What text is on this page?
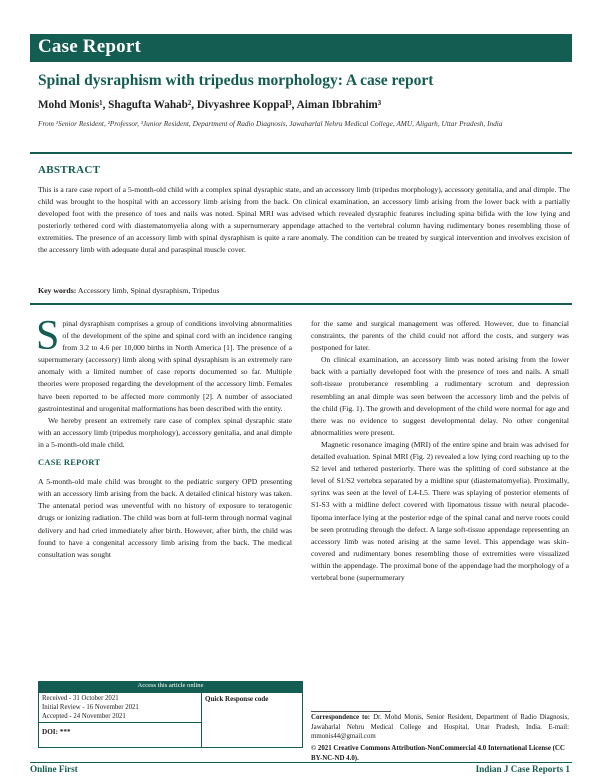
Case Report
Spinal dysraphism with tripedus morphology: A case report
Mohd Monis¹, Shagufta Wahab², Divyashree Koppal³, Aiman Ibbrahim³
From ¹Senior Resident, ²Professor, ³Junior Resident, Department of Radio Diagnosis, Jawaharlal Nehru Medical College, AMU, Aligarh, Uttar Pradesh, India
ABSTRACT
This is a rare case report of a 5-month-old child with a complex spinal dysraphic state, and an accessory limb (tripedus morphology), accessory genitalia, and anal dimple. The child was brought to the hospital with an accessory limb arising from the back. On clinical examination, an accessory limb arising from the lower back with a partially developed foot with the presence of toes and nails was noted. Spinal MRI was advised which revealed dysraphic features including spina bifida with the low lying and posteriorly tethered cord with diastematomyelia along with a supernumerary appendage attached to the vertebral column having rudimentary bones resembling those of extremities. The presence of an accessory limb with spinal dysraphism is quite a rare anomaly. The condition can be treated by surgical intervention and involves excision of the accessory limb with adequate dural and paraspinal muscle cover.
Key words: Accessory limb, Spinal dysraphism, Tripedus

Spinal dysraphism comprises a group of conditions involving abnormalities of the development of the spine and spinal cord with an incidence ranging from 3.2 to 4.6 per 10,000 births in North America [1]. The presence of a supernumerary (accessory) limb along with spinal dysraphism is an extremely rare anomaly with a limited number of case reports documented so far. Multiple theories were proposed regarding the development of the accessory limb. Females have been reported to be affected more commonly [2]. A number of associated gastrointestinal and urogenital malformations has been described with the entity.

We hereby present an extremely rare case of complex spinal dysraphic state with an accessory limb (tripedus morphology), accessory genitalia, and anal dimple in a 5-month-old male child.

CASE REPORT

A 5-month-old male child was brought to the pediatric surgery OPD presenting with an accessory limb arising from the back. A detailed clinical history was taken. The antenatal period was uneventful with no history of exposure to teratogenic drugs or ionizing radiation. The child was born at full-term through normal vaginal delivery and had cried immediately after birth. However, after birth, the child was found to have a congenital accessory limb arising from the back. The medical consultation was sought

for the same and surgical management was offered. However, due to financial constraints, the parents of the child could not afford the costs, and surgery was postponed for later.

On clinical examination, an accessory limb was noted arising from the lower back with a partially developed foot with the presence of toes and nails. A small soft-tissue protuberance resembling a rudimentary scrotum and depression resembling an anal dimple was seen between the accessory limb and the pelvis of the child (Fig. 1). The growth and development of the child were normal for age and there was no evidence to suggest developmental delay. No other congenital abnormalities were present.

Magnetic resonance imaging (MRI) of the entire spine and brain was advised for detailed evaluation. Spinal MRI (Fig. 2) revealed a low lying cord reaching up to the S2 level and tethered posteriorly. There was the splitting of cord substance at the level of S1/S2 vertebra separated by a midline spur (diastematomyelia). Proximally, syrinx was seen at the level of L4-L5. There was splaying of posterior elements of S1-S3 with a midline defect covered with lipomatous tissue with neural placode-lipoma interface lying at the posterior edge of the spinal canal and nerve roots could be seen protruding through the defect. A large soft-tissue appendage representing an accessory limb was noted arising at the same level. This appendage was skin-covered and rudimentary bones resembling those of extremities were visualized within the appendage. The proximal bone of the appendage had the morphology of a vertebral bone (supernumerary

Access this article online
Received - 31 October 2021
Initial Review - 16 November 2021
Accepted - 24 November 2021
DOI: ***
Quick Response code
Correspondence to: Dr. Mohd Monis, Senior Resident, Department of Radio Diagnosis, Jawaharlal Nehru Medical College and Hospital, Uttar Pradesh, India. E-mail: mmonis44@gmail.com
© 2021 Creative Commons Attribution-NonCommercial 4.0 International License (CC BY-NC-ND 4.0).
Online First	Indian J Case Reports 1
